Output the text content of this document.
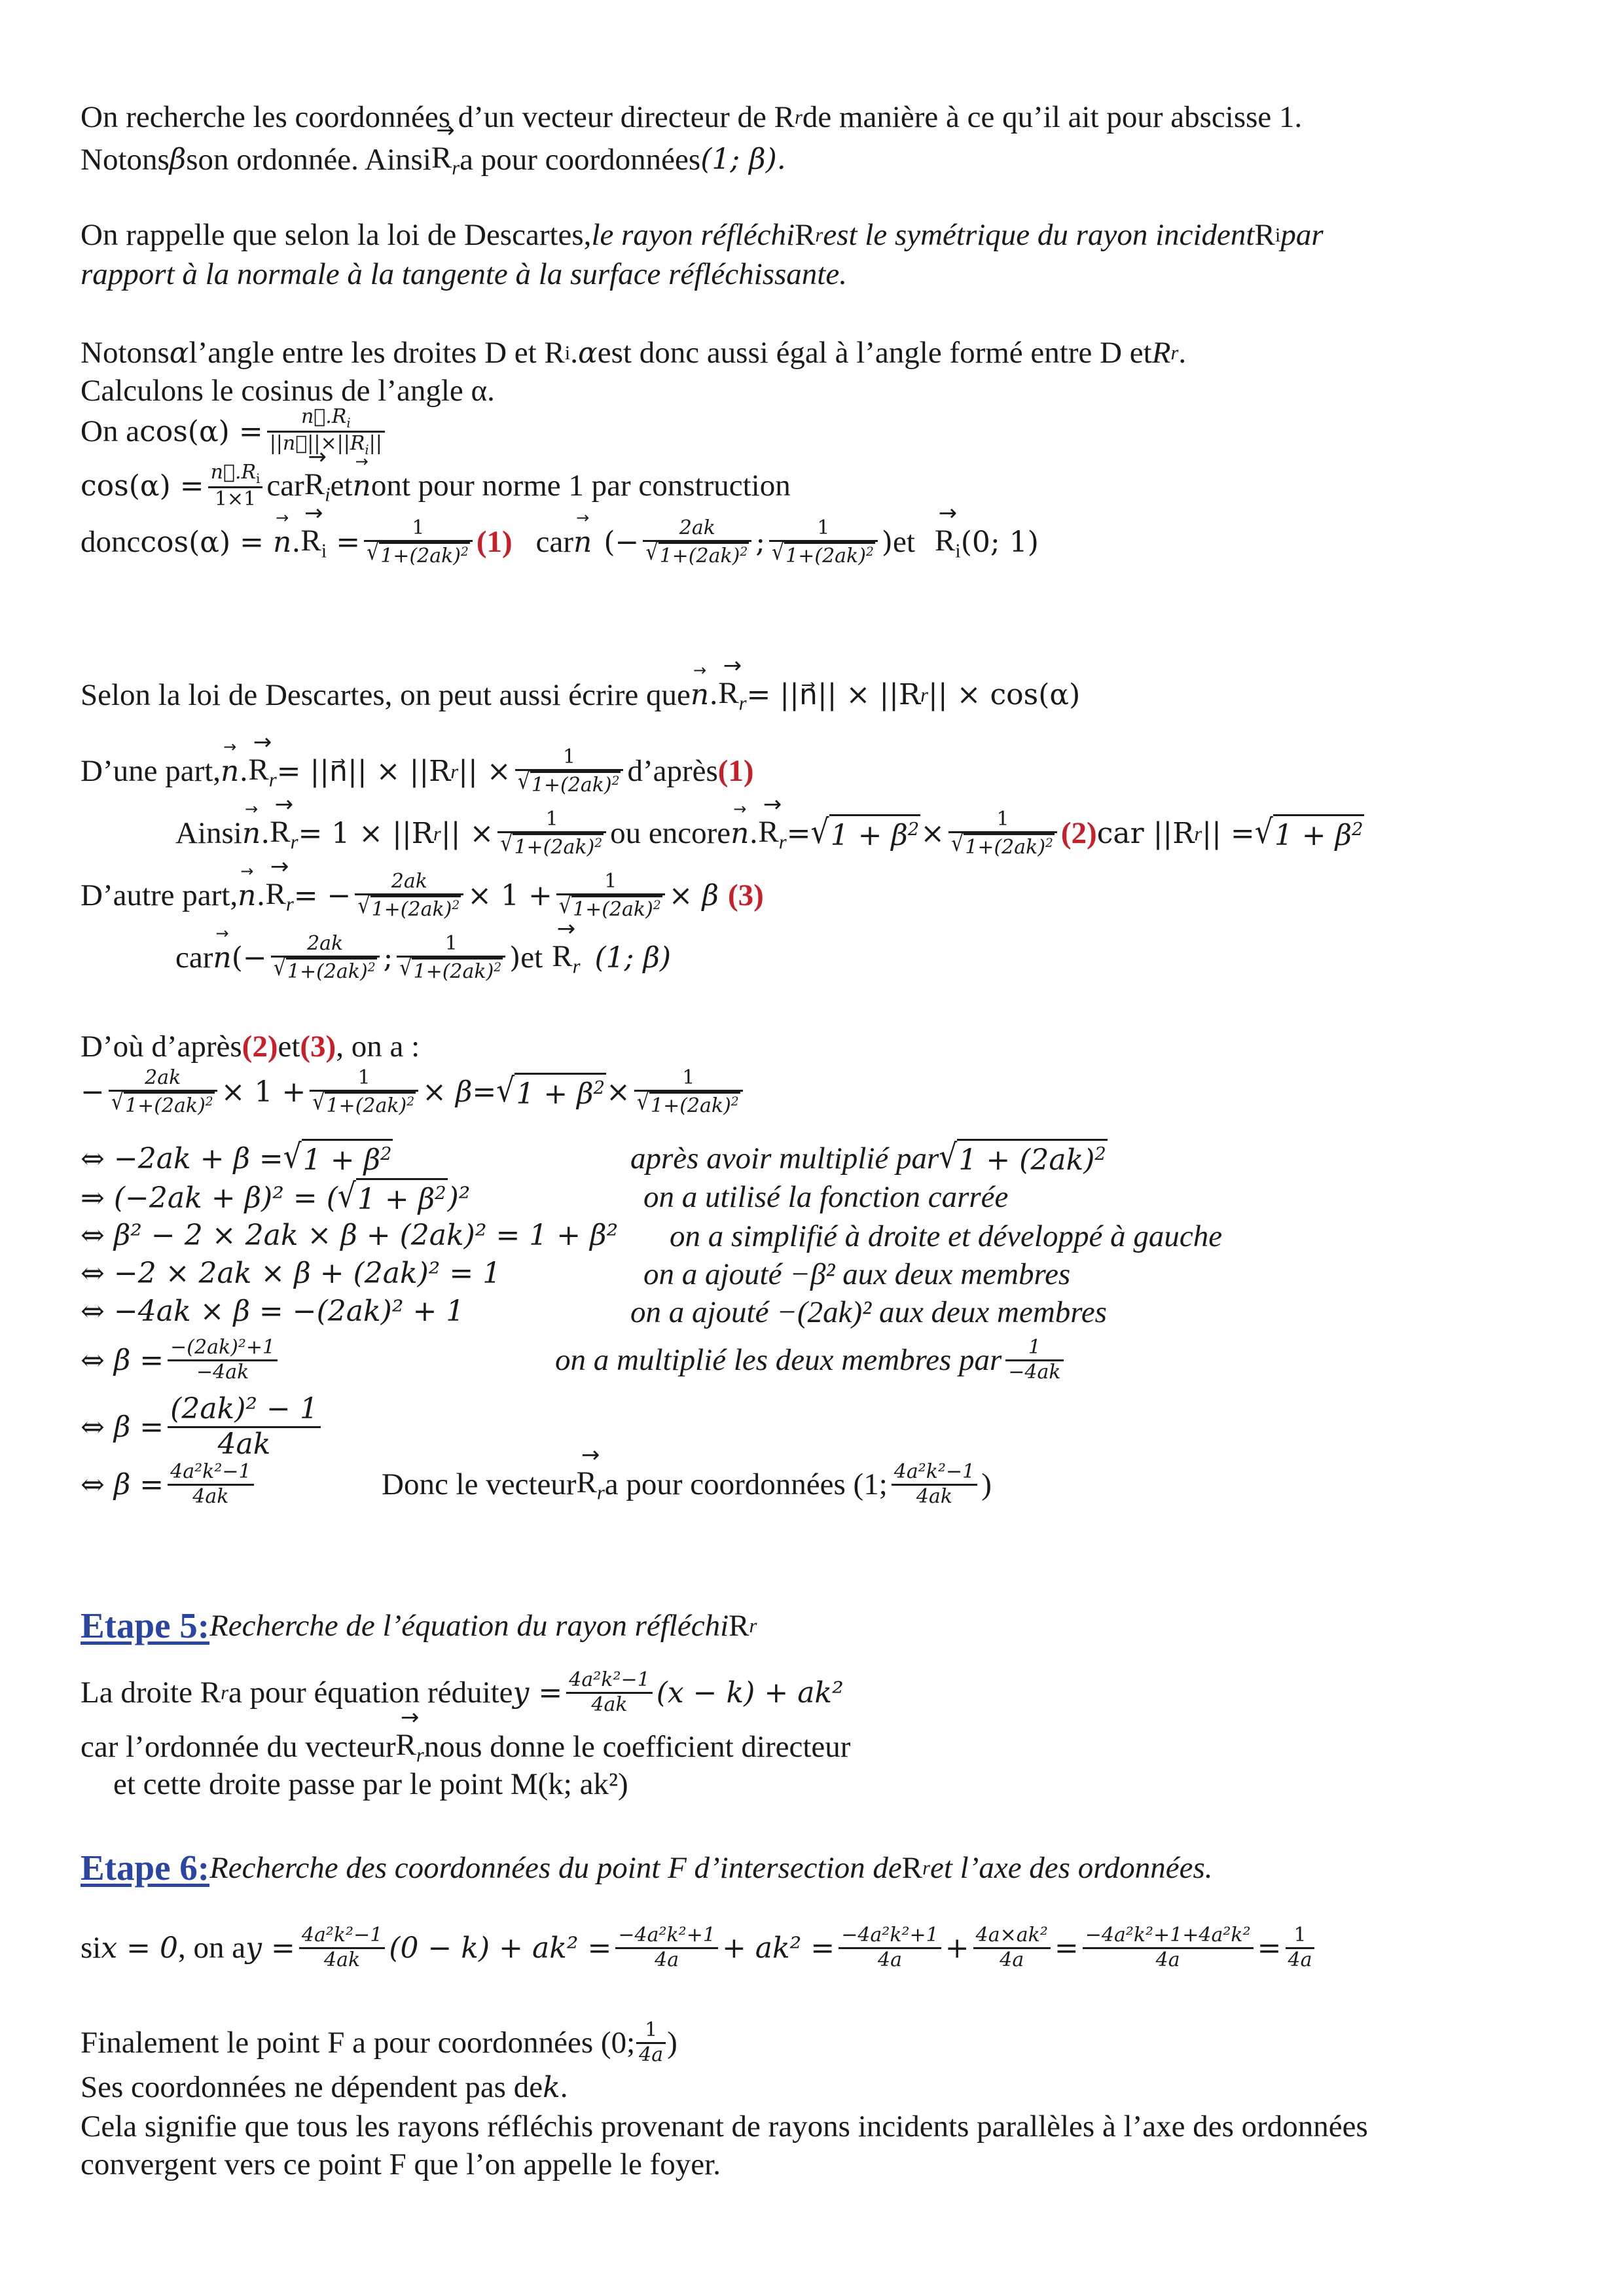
On recherche les coordonnées d’un vecteur directeur de R r de manière à ce qu’il ait pour abscisse 1.
Notons β son ordonnée. Ainsi → $R_r$ a pour coordonnées (1; β).
On rappelle que selon la loi de Descartes, le rayon réfléchi R r est le symétrique du rayon incident R i par
rapport à la normale à la tangente à la surface réfléchissante.
Notons α l’angle entre les droites D et R i . α est donc aussi égal à l’angle formé entre D et R r .
Calculons le cosinus de l’angle α.
On a $\cos(\alpha) = \frac{n⃗.R_i}{||n⃗||\times||R_i||}$
$\cos(\alpha) = \frac{n⃗.R_i}{1\times 1}$ car → $R_i$ et → n ont pour norme 1 par construction
donc cos(α) = → n . → $R_i = \frac{1}{√ 1+(2ak)^2} (1)$ car → n (− $\frac{2ak}{√ 1+(2ak)^2}$ ; $\frac{1}{√ 1+(2ak)^2}$ ) et → $R_i$ (0; 1)
Selon la loi de Descartes, on peut aussi écrire que → n . → $R_r$ = ||n⃗|| × ||R r || × cos(α)
D’une part, → n . → $R_r$ = ||n⃗|| × ||R r || × $\frac{1}{√ 1+(2ak)^2}$ d’après (1)
Ainsi → n . → $R_r = 1 \times ||R$ r || × $\frac{1}{√ 1+(2ak)^2}$ ou encore → n . → $R_r$ = √ $1 + \beta^2 \times \frac{1}{√ 1+(2ak)^2} (2)$ car ||R r || = √ $1 + \beta^2$
D’autre part, → n . → $R_r$ = − $\frac{2ak}{√ 1+(2ak)^2} \times 1 + \frac{1}{√ 1+(2ak)^2} \times \beta$ (3)
car → n (− $\frac{2ak}{√ 1+(2ak)^2}$ ; $\frac{1}{√ 1+(2ak)^2}$ ) et → $R_r$ (1; β)
D’où d’après (2) et (3) , on a :
− $\frac{2ak}{√ 1+(2ak)^2} \times 1 + \frac{1}{√ 1+(2ak)^2} \times \beta$ = √ $1 + \beta^2 \times \frac{1}{√ 1+(2ak)^2}$
⇔ −2ak + β = √ $1 + \beta^2$	après avoir multiplié par √ $1 + (2ak)^2$
⇒ (−2ak + β)² = ( √ $1 + \beta^2$ )²	on a utilisé la fonction carrée
⇔ β² − 2 × 2ak × β + (2ak)² = 1 + β² on a simplifié à droite et développé à gauche
⇔ −2 × 2ak × β + (2ak)² = 1	on a ajouté −β² aux deux membres
⇔ −4ak × β = −(2ak)² + 1	on a ajouté −(2ak)² aux deux membres
⇔ $\beta = \frac{\text{−(2ak)²+1}}{-4ak}$	on a multiplié les deux membres par $\frac{1}{-4ak}$
⇔ $\beta = \frac{\text{(2ak)² − 1}}{4ak}$
⇔ $\beta = \frac{\text{4a²k²−1}}{4ak}$	Donc le vecteur → $R_r$ a pour coordonnées (1; $\frac{\text{4a²k²−1}}{4ak}$ )
Etape 5: Recherche de l’équation du rayon réfléchi R r
La droite R r a pour équation réduite $y = \frac{\text{4a²k²−1}}{4ak} (x - k) + ak^2$
car l’ordonnée du vecteur → $R_r$ nous donne le coefficient directeur
et cette droite passe par le point M(k; ak²)
Etape 6: Recherche des coordonnées du point F d’intersection de R r et l’axe des ordonnées.
si x = 0 , on a $y = \frac{\text{4a²k²−1}}{4ak} (0 - k) + ak^2 = \frac{\text{−4a²k²+1}}{4a} + ak^2 = \frac{\text{−4a²k²+1}}{4a} + \frac{\text{4a×ak²}}{4a} = \frac{\text{−4a²k²+1+4a²k²}}{4a} = \frac{1}{4a}$
Finalement le point F a pour coordonnées (0; $\frac{1}{4a}$ )
Ses coordonnées ne dépendent pas de k .
Cela signifie que tous les rayons réfléchis provenant de rayons incidents parallèles à l’axe des ordonnées
convergent vers ce point F que l’on appelle le foyer.
